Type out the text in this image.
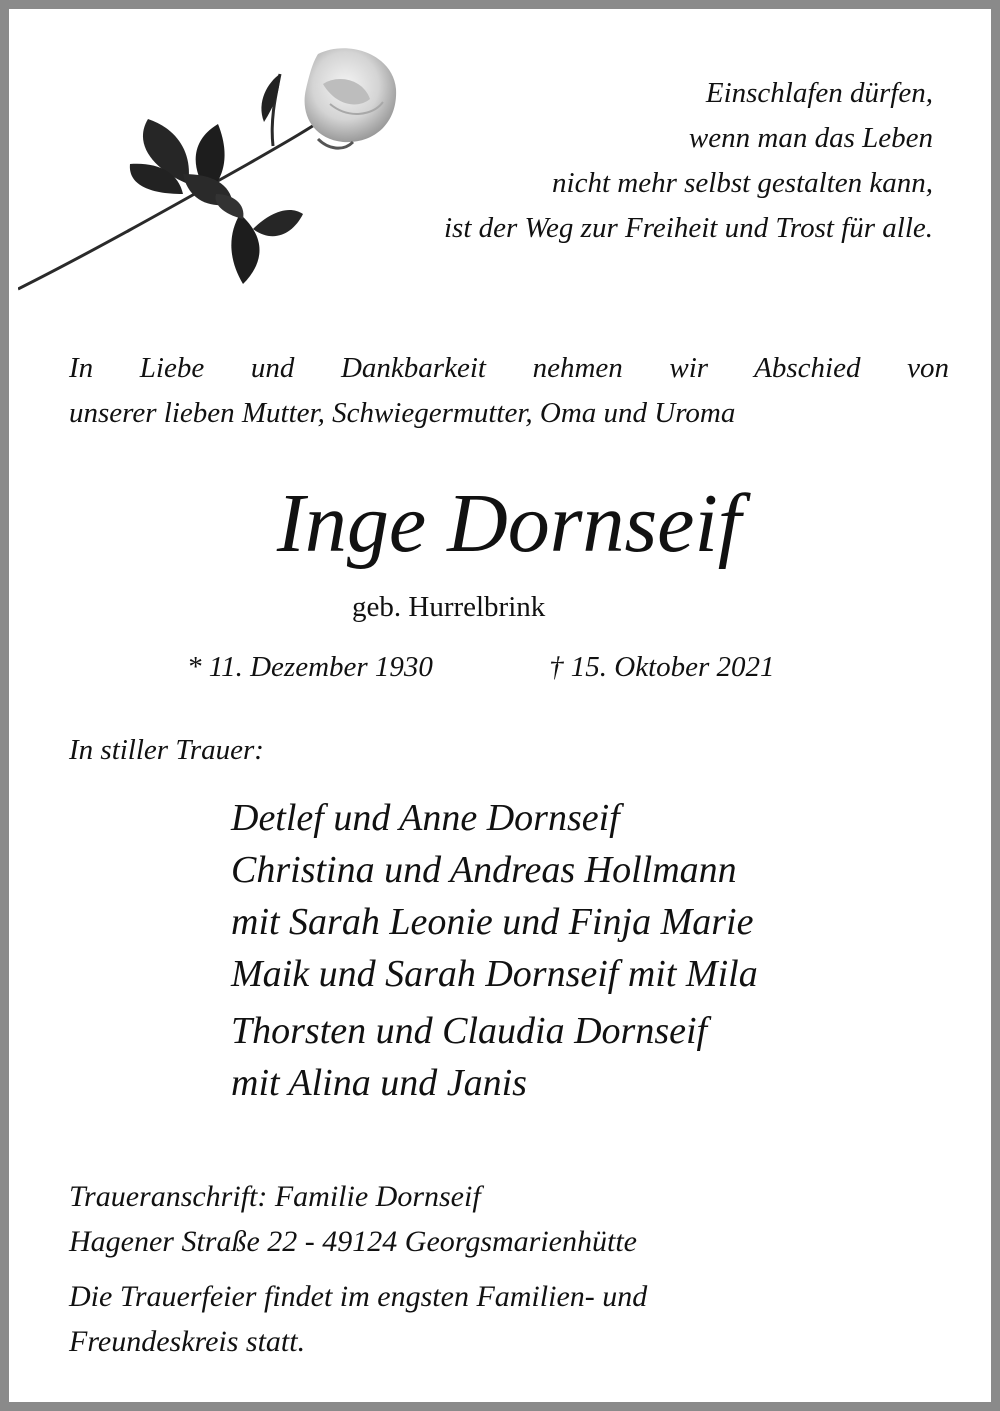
Einschlafen dürfen,
wenn man das Leben
nicht mehr selbst gestalten kann,
ist der Weg zur Freiheit und Trost für alle.
In Liebe und Dankbarkeit nehmen wir Abschied von
unserer lieben Mutter, Schwiegermutter, Oma und Uroma
Inge Dornseif
geb. Hurrelbrink
* 11. Dezember 1930	† 15. Oktober 2021
In stiller Trauer:
Detlef und Anne Dornseif
Christina und Andreas Hollmann
mit Sarah Leonie und Finja Marie
Maik und Sarah Dornseif mit Mila
Thorsten und Claudia Dornseif
mit Alina und Janis
Traueranschrift: Familie Dornseif
Hagener Straße 22 - 49124 Georgsmarienhütte
Die Trauerfeier findet im engsten Familien- und
Freundeskreis statt.
